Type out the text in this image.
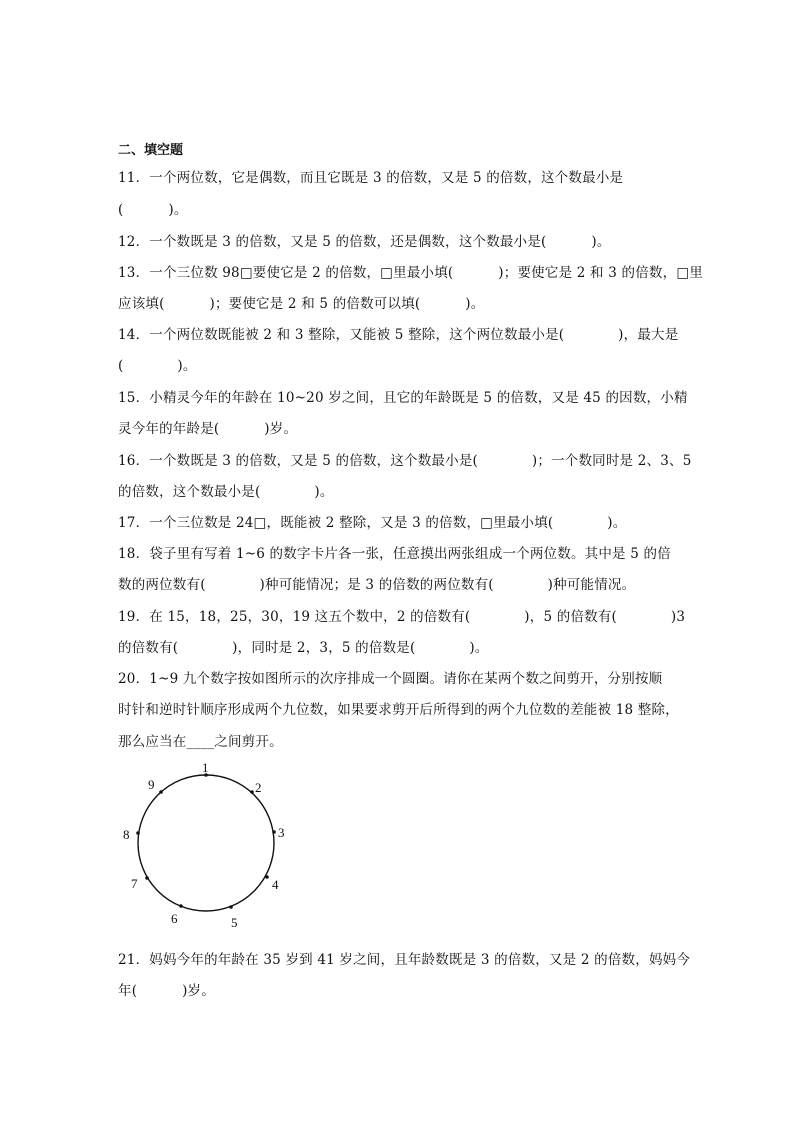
二、填空题
11．一个两位数，它是偶数，而且它既是 3 的倍数，又是 5 的倍数，这个数最小是
(          )。
12．一个数既是 3 的倍数，又是 5 的倍数，还是偶数，这个数最小是(          )。
13．一个三位数 98□要使它是 2 的倍数，□里最小填(          )；要使它是 2 和 3 的倍数，□里
应该填(          )；要使它是 2 和 5 的倍数可以填(          )。
14．一个两位数既能被 2 和 3 整除，又能被 5 整除，这个两位数最小是(            )，最大是
(            )。
15．小精灵今年的年龄在 10~20 岁之间，且它的年龄既是 5 的倍数，又是 45 的因数，小精
灵今年的年龄是(          )岁。
16．一个数既是 3 的倍数，又是 5 的倍数，这个数最小是(            )；一个数同时是 2、3、5
的倍数，这个数最小是(            )。
17．一个三位数是 24□，既能被 2 整除，又是 3 的倍数，□里最小填(            )。
18．袋子里有写着 1~6 的数字卡片各一张，任意摸出两张组成一个两位数。其中是 5 的倍
数的两位数有(            )种可能情况；是 3 的倍数的两位数有(            )种可能情况。
19．在 15，18，25，30，19 这五个数中，2 的倍数有(            )，5 的倍数有(            )3
的倍数有(            )，同时是 2，3，5 的倍数是(            )。
20．1~9 九个数字按如图所示的次序排成一个圆圈。请你在某两个数之间剪开，分别按顺
时针和逆时针顺序形成两个九位数，如果要求剪开后所得到的两个九位数的差能被 18 整除，
那么应当在____之间剪开。
1
2
3
4
5
6
7
8
9
21．妈妈今年的年龄在 35 岁到 41 岁之间，且年龄数既是 3 的倍数，又是 2 的倍数，妈妈今
年(          )岁。
